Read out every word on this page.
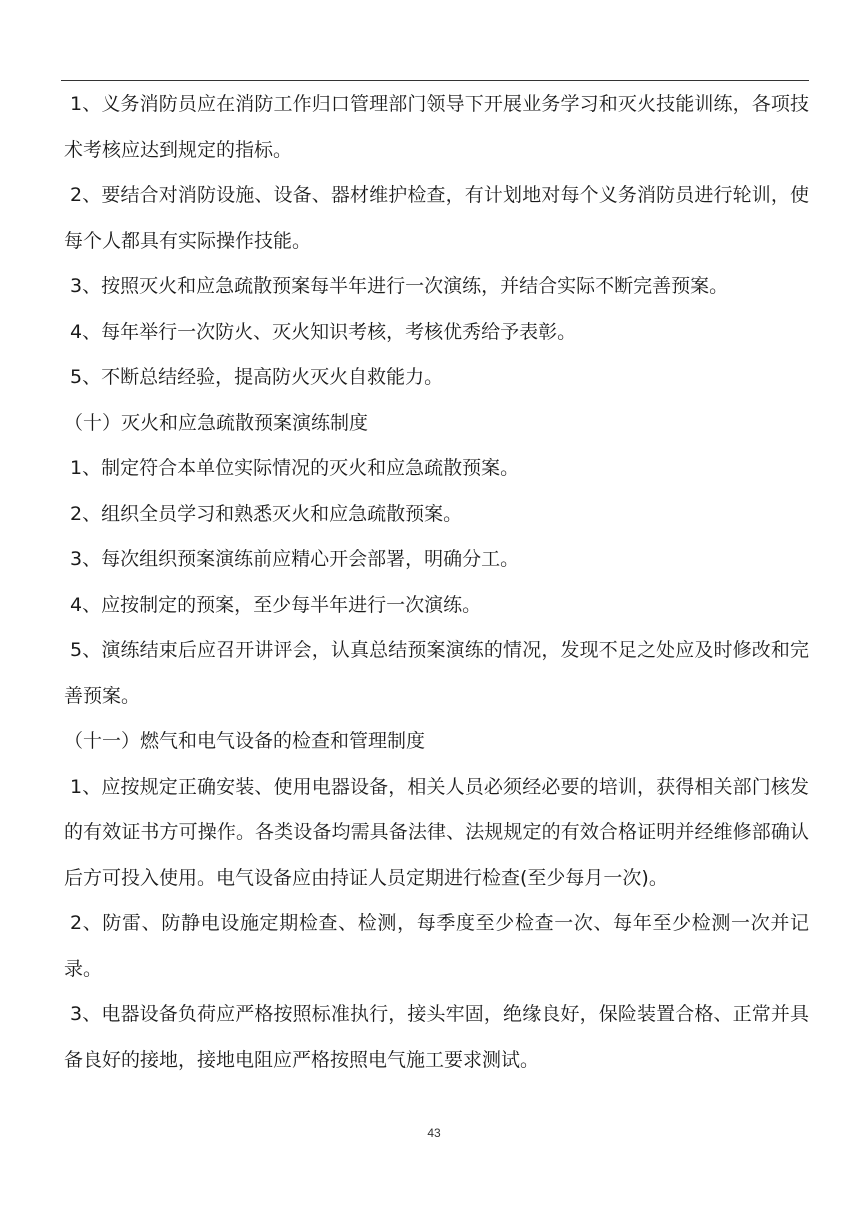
1、义务消防员应在消防工作归口管理部门领导下开展业务学习和灭火技能训练，各项技术考核应达到规定的指标。

2、要结合对消防设施、设备、器材维护检查，有计划地对每个义务消防员进行轮训，使每个人都具有实际操作技能。

3、按照灭火和应急疏散预案每半年进行一次演练，并结合实际不断完善预案。

4、每年举行一次防火、灭火知识考核，考核优秀给予表彰。

5、不断总结经验，提高防火灭火自救能力。

（十）灭火和应急疏散预案演练制度

1、制定符合本单位实际情况的灭火和应急疏散预案。

2、组织全员学习和熟悉灭火和应急疏散预案。

3、每次组织预案演练前应精心开会部署，明确分工。

4、应按制定的预案，至少每半年进行一次演练。

5、演练结束后应召开讲评会，认真总结预案演练的情况，发现不足之处应及时修改和完善预案。

（十一）燃气和电气设备的检查和管理制度

1、应按规定正确安装、使用电器设备，相关人员必须经必要的培训，获得相关部门核发的有效证书方可操作。各类设备均需具备法律、法规规定的有效合格证明并经维修部确认后方可投入使用。电气设备应由持证人员定期进行检查(至少每月一次)。

2、防雷、防静电设施定期检查、检测，每季度至少检查一次、每年至少检测一次并记录。

3、电器设备负荷应严格按照标准执行，接头牢固，绝缘良好，保险装置合格、正常并具备良好的接地，接地电阻应严格按照电气施工要求测试。

43
